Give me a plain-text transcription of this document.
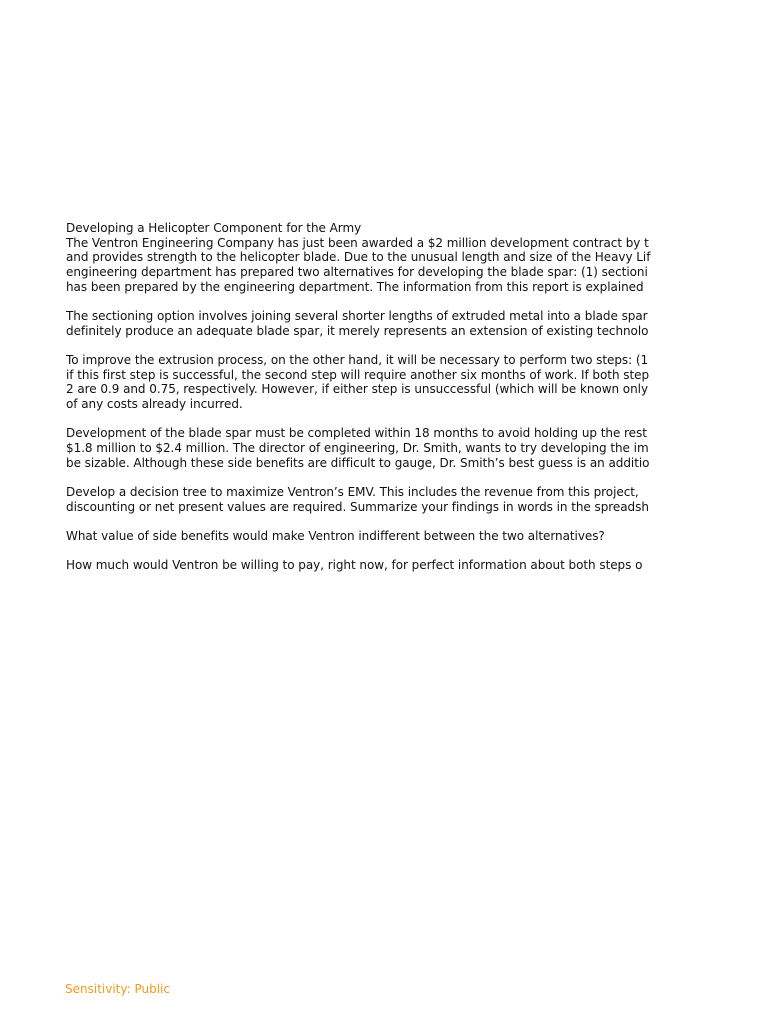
Developing a Helicopter Component for the Army
The Ventron Engineering Company has just been awarded a $2 million development contract by t
and provides strength to the helicopter blade. Due to the unusual length and size of the Heavy Lif
engineering department has prepared two alternatives for developing the blade spar: (1) sectioni
has been prepared by the engineering department. The information from this report is explained
The sectioning option involves joining several shorter lengths of extruded metal into a blade spar
definitely produce an adequate blade spar, it merely represents an extension of existing technolo
To improve the extrusion process, on the other hand, it will be necessary to perform two steps: (1
if this first step is successful, the second step will require another six months of work. If both step
2 are 0.9 and 0.75, respectively. However, if either step is unsuccessful (which will be known only
of any costs already incurred.
Development of the blade spar must be completed within 18 months to avoid holding up the rest
$1.8 million to $2.4 million. The director of engineering, Dr. Smith, wants to try developing the im
be sizable. Although these side benefits are difficult to gauge, Dr. Smith’s best guess is an additio
Develop a decision tree to maximize Ventron’s EMV. This includes the revenue from this project,
discounting or net present values are required. Summarize your findings in words in the spreadsh
What value of side benefits would make Ventron indifferent between the two alternatives?
How much would Ventron be willing to pay, right now, for perfect information about both steps o
Sensitivity: Public
